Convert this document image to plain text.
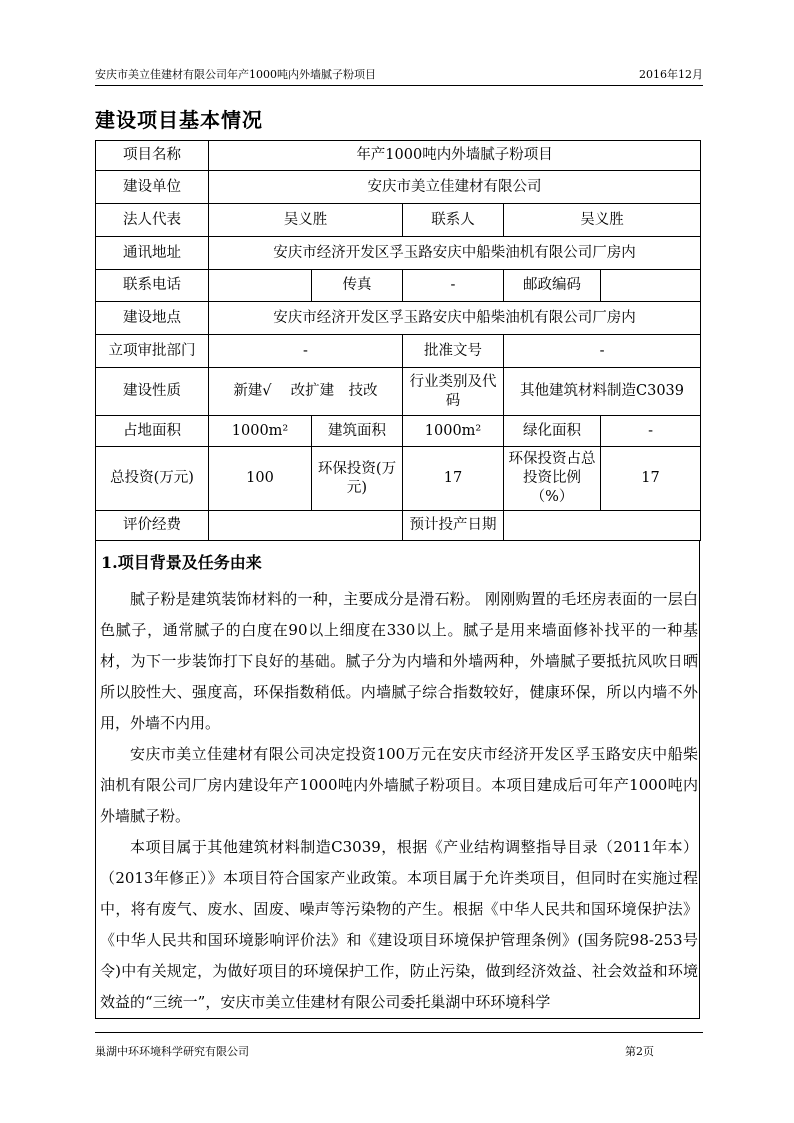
安庆市美立佳建材有限公司年产1000吨内外墙腻子粉项目	2016年12月
建设项目基本情况
项目名称	年产1000吨内外墙腻子粉项目				
建设单位	安庆市美立佳建材有限公司				
法人代表	吴义胜		联系人	吴义胜	
通讯地址	安庆市经济开发区孚玉路安庆中船柴油机有限公司厂房内				
联系电话		传真	-	邮政编码	
建设地点	安庆市经济开发区孚玉路安庆中船柴油机有限公司厂房内				
立项审批部门	-		批准文号	-	
建设性质	新建√　 改扩建　技改		行业类别及代码	其他建筑材料制造C3039	
占地面积	1000m²	建筑面积	1000m²	绿化面积	-
总投资(万元)	100	环保投资(万元)	17	环保投资占总投资比例（%）	17
评价经费			预计投产日期		
1.项目背景及任务由来

腻子粉是建筑装饰材料的一种，主要成分是滑石粉。 刚刚购置的毛坯房表面的一层白色腻子，通常腻子的白度在90以上细度在330以上。腻子是用来墙面修补找平的一种基材，为下一步装饰打下良好的基础。腻子分为内墙和外墙两种，外墙腻子要抵抗风吹日晒所以胶性大、强度高，环保指数稍低。内墙腻子综合指数较好，健康环保，所以内墙不外用，外墙不内用。

安庆市美立佳建材有限公司决定投资100万元在安庆市经济开发区孚玉路安庆中船柴油机有限公司厂房内建设年产1000吨内外墙腻子粉项目。本项目建成后可年产1000吨内外墙腻子粉。

本项目属于其他建筑材料制造C3039，根据《产业结构调整指导目录（2011年本）（2013年修正）》本项目符合国家产业政策。本项目属于允许类项目，但同时在实施过程中，将有废气、废水、固废、噪声等污染物的产生。根据《中华人民共和国环境保护法》《中华人民共和国环境影响评价法》和《建设项目环境保护管理条例》(国务院98-253号令)中有关规定，为做好项目的环境保护工作，防止污染，做到经济效益、社会效益和环境效益的“三统一”，安庆市美立佳建材有限公司委托巢湖中环环境科学

巢湖中环环境科学研究有限公司	第2页
